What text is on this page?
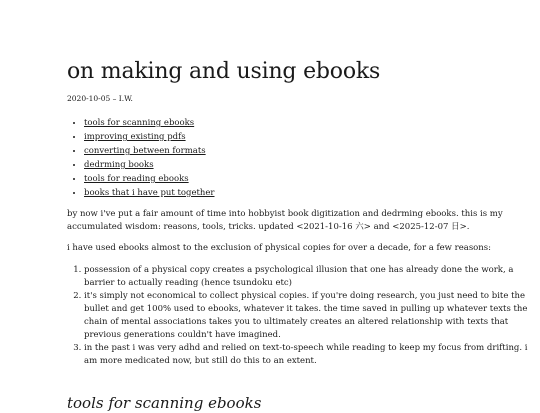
on making and using ebooks
2020-10-05 – I.W.
• tools for scanning ebooks
• improving existing pdfs
• converting between formats
• dedrming books
• tools for reading ebooks
• books that i have put together

by now i've put a fair amount of time into hobbyist book digitization and dedrming ebooks. this is my accumulated wisdom: reasons, tools, tricks. updated <2021-10-16 六> and <2025-12-07 日>.

i have used ebooks almost to the exclusion of physical copies for over a decade, for a few reasons:

1. possession of a physical copy creates a psychological illusion that one has already done the work, a barrier to actually reading (hence tsundoku etc)
2. it's simply not economical to collect physical copies. if you're doing research, you just need to bite the bullet and get 100% used to ebooks, whatever it takes. the time saved in pulling up whatever texts the chain of mental associations takes you to ultimately creates an altered relationship with texts that previous generations couldn't have imagined.
3. in the past i was very adhd and relied on text-to-speech while reading to keep my focus from drifting. i am more medicated now, but still do this to an extent.
tools for scanning ebooks
